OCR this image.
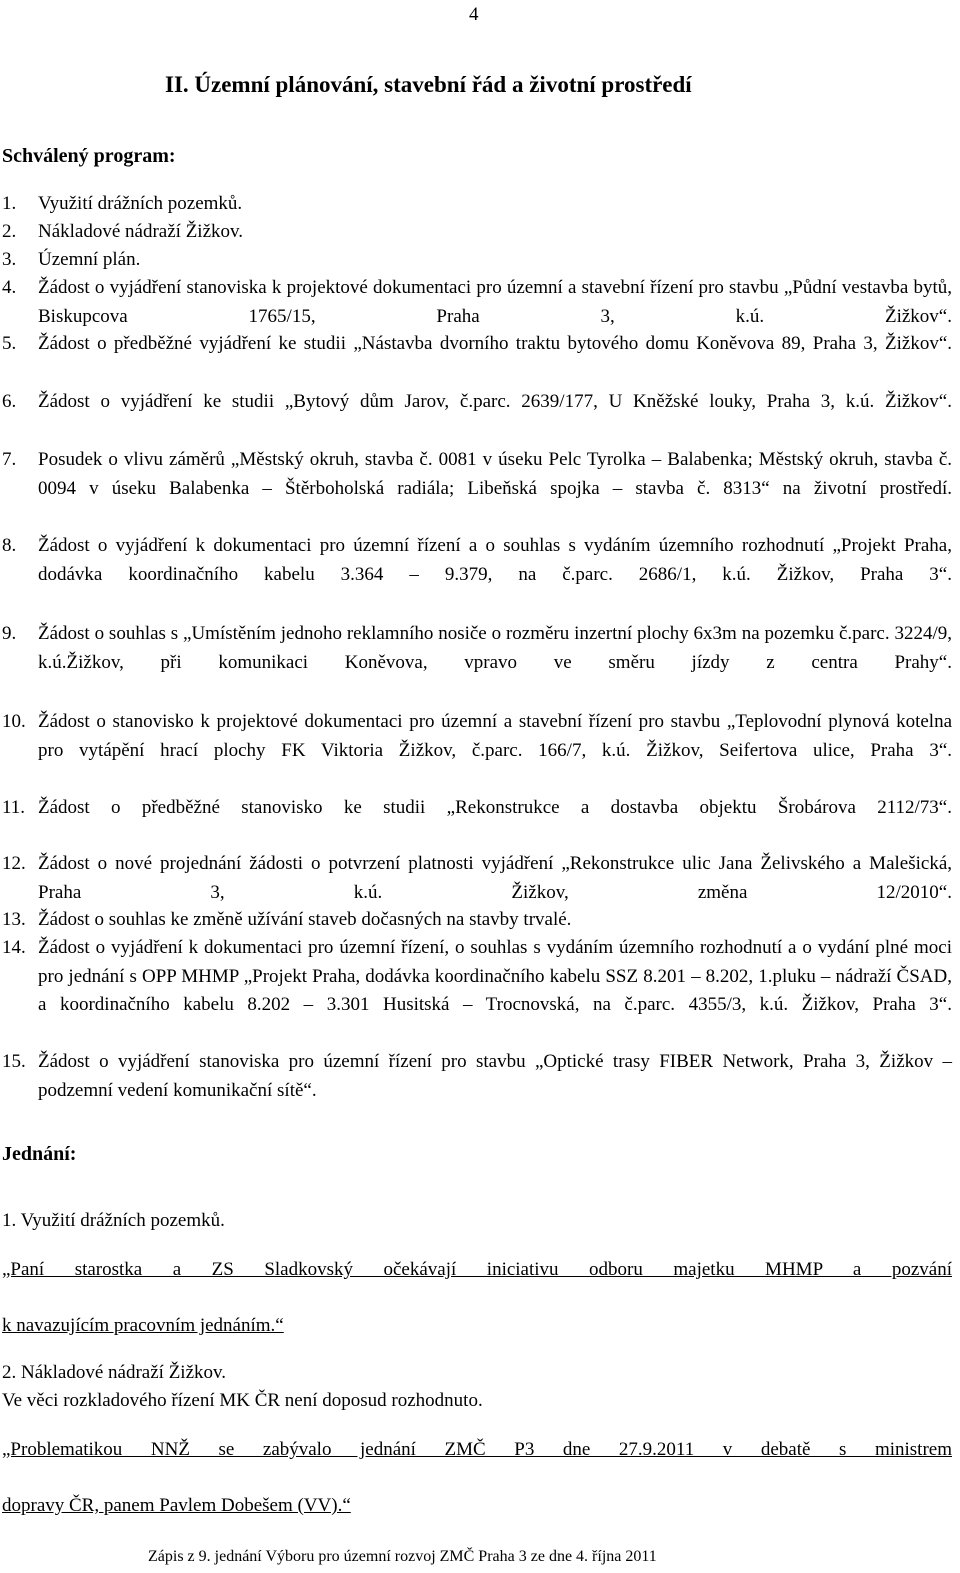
4
II. Územní plánování, stavební řád a životní prostředí
Schválený program:
1. Využití drážních pozemků.
2. Nákladové nádraží Žižkov.
3. Územní plán.
4. Žádost o vyjádření stanoviska k projektové dokumentaci pro územní a stavební řízení pro stavbu „Půdní vestavba bytů, Biskupcova 1765/15, Praha 3, k.ú. Žižkov“.
5. Žádost o předběžné vyjádření ke studii „Nástavba dvorního traktu bytového domu Koněvova 89, Praha 3, Žižkov“.
6. Žádost o vyjádření ke studii „Bytový dům Jarov, č.parc. 2639/177, U Kněžské louky, Praha 3, k.ú. Žižkov“.
7. Posudek o vlivu záměrů „Městský okruh, stavba č. 0081 v úseku Pelc Tyrolka – Balabenka; Městský okruh, stavba č. 0094 v úseku Balabenka – Štěrboholská radiála; Libeňská spojka – stavba č. 8313“ na životní prostředí.
8. Žádost o vyjádření k dokumentaci pro územní řízení a o souhlas s vydáním územního rozhodnutí „Projekt Praha, dodávka koordinačního kabelu 3.364 – 9.379, na č.parc. 2686/1, k.ú. Žižkov, Praha 3“.
9. Žádost o souhlas s „Umístěním jednoho reklamního nosiče o rozměru inzertní plochy 6x3m na pozemku č.parc. 3224/9, k.ú.Žižkov, při komunikaci Koněvova, vpravo ve směru jízdy z centra Prahy“.
10. Žádost o stanovisko k projektové dokumentaci pro územní a stavební řízení pro stavbu „Teplovodní plynová kotelna pro vytápění hrací plochy FK Viktoria Žižkov, č.parc. 166/7, k.ú. Žižkov, Seifertova ulice, Praha 3“.
11. Žádost o předběžné stanovisko ke studii „Rekonstrukce a dostavba objektu Šrobárova 2112/73“.
12. Žádost o nové projednání žádosti o potvrzení platnosti vyjádření „Rekonstrukce ulic Jana Želivského a Malešická, Praha 3, k.ú. Žižkov, změna 12/2010“.
13. Žádost o souhlas ke změně užívání staveb dočasných na stavby trvalé.
14. Žádost o vyjádření k dokumentaci pro územní řízení, o souhlas s vydáním územního rozhodnutí a o vydání plné moci pro jednání s OPP MHMP „Projekt Praha, dodávka koordinačního kabelu SSZ 8.201 – 8.202, 1.pluku – nádraží ČSAD, a koordinačního kabelu 8.202 – 3.301 Husitská – Trocnovská, na č.parc. 4355/3, k.ú. Žižkov, Praha 3“.
15. Žádost o vyjádření stanoviska pro územní řízení pro stavbu „Optické trasy FIBER Network, Praha 3, Žižkov – podzemní vedení komunikační sítě“.
Jednání:
1. Využití drážních pozemků.
„Paní starostka a ZS Sladkovský očekávají iniciativu odboru majetku MHMP a pozvání
k navazujícím pracovním jednáním.“
2. Nákladové nádraží Žižkov.
Ve věci rozkladového řízení MK ČR není doposud rozhodnuto.
„Problematikou NNŽ se zabývalo jednání ZMČ P3 dne 27.9.2011 v debatě s ministrem
dopravy ČR, panem Pavlem Dobešem (VV).“
Zápis z 9. jednání Výboru pro územní rozvoj ZMČ Praha 3 ze dne 4. října 2011
